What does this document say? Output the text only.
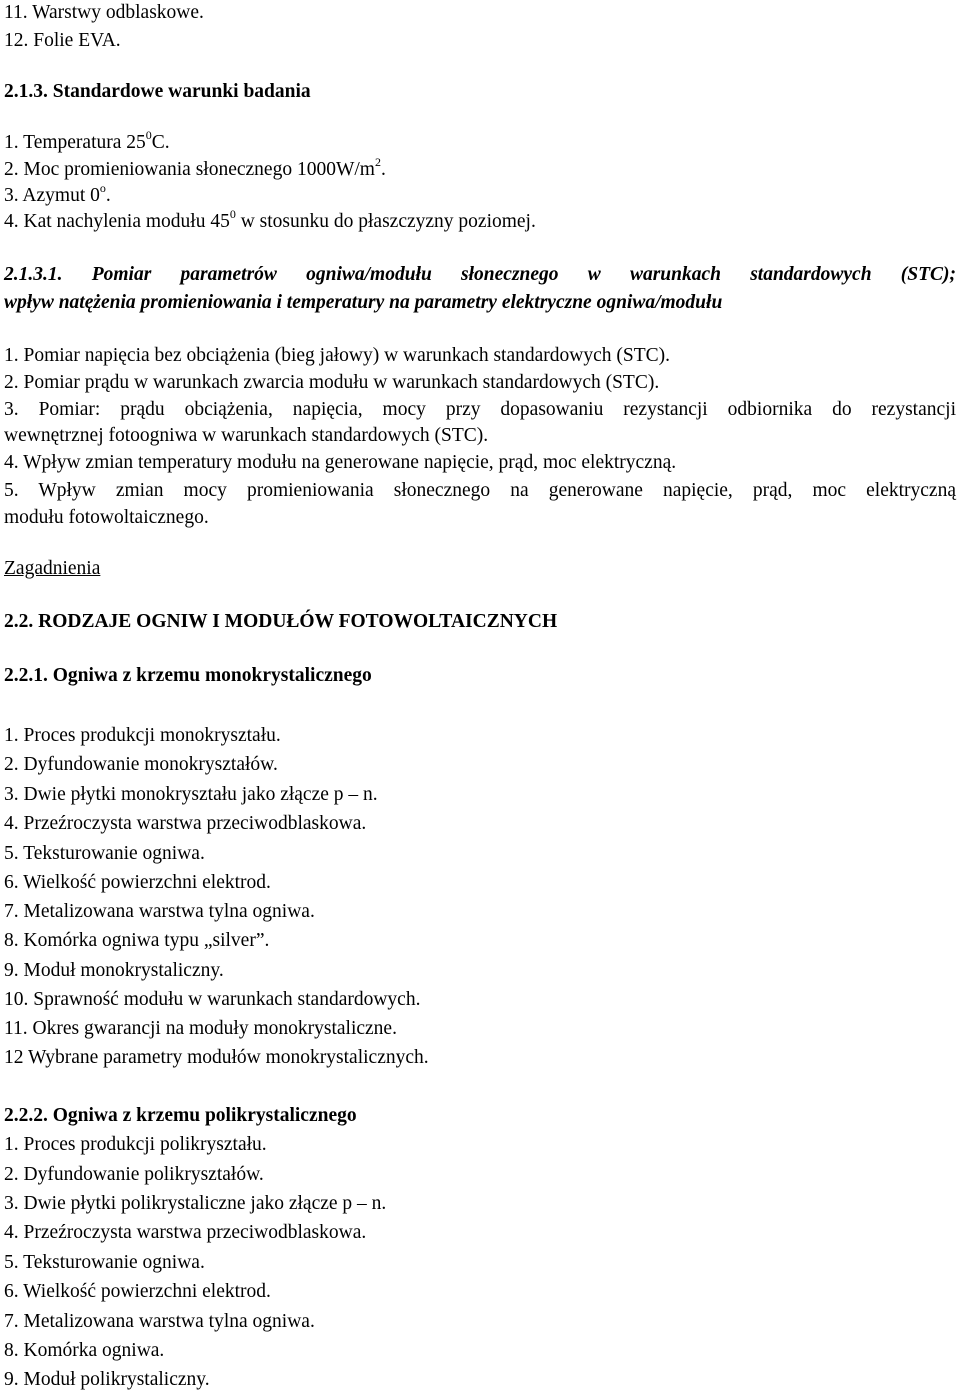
11. Warstwy odblaskowe.
12. Folie EVA.
2.1.3. Standardowe warunki badania
1. Temperatura $25^0C$.
2. Moc promieniowania słonecznego $1000W/m^2$.
3. Azymut 0$^o$.
4. Kat nachylenia modułu $45^0$ w stosunku do płaszczyzny poziomej.
2.1.3.1. Pomiar parametrów ogniwa/modułu słonecznego w warunkach standardowych (STC);
wpływ natężenia promieniowania i temperatury na parametry elektryczne ogniwa/modułu
1. Pomiar napięcia bez obciążenia (bieg jałowy) w warunkach standardowych (STC).
2. Pomiar prądu w warunkach zwarcia modułu w warunkach standardowych (STC).
3. Pomiar: prądu obciążenia, napięcia, mocy przy dopasowaniu rezystancji odbiornika do rezystancji
wewnętrznej fotoogniwa w warunkach standardowych (STC).
4. Wpływ zmian temperatury modułu na generowane napięcie, prąd, moc elektryczną.
5. Wpływ zmian mocy promieniowania słonecznego na generowane napięcie, prąd, moc elektryczną
modułu fotowoltaicznego.
Zagadnienia
2.2. RODZAJE OGNIW I MODUŁÓW FOTOWOLTAICZNYCH
2.2.1. Ogniwa z krzemu monokrystalicznego
1. Proces produkcji monokryształu.
2. Dyfundowanie monokryształów.
3. Dwie płytki monokryształu jako złącze p – n.
4. Przeźroczysta warstwa przeciwodblaskowa.
5. Teksturowanie ogniwa.
6. Wielkość powierzchni elektrod.
7. Metalizowana warstwa tylna ogniwa.
8. Komórka ogniwa typu „silver”.
9. Moduł monokrystaliczny.
10. Sprawność modułu w warunkach standardowych.
11. Okres gwarancji na moduły monokrystaliczne.
12 Wybrane parametry modułów monokrystalicznych.
2.2.2. Ogniwa z krzemu polikrystalicznego
1. Proces produkcji polikryształu.
2. Dyfundowanie polikryształów.
3. Dwie płytki polikrystaliczne jako złącze p – n.
4. Przeźroczysta warstwa przeciwodblaskowa.
5. Teksturowanie ogniwa.
6. Wielkość powierzchni elektrod.
7. Metalizowana warstwa tylna ogniwa.
8. Komórka ogniwa.
9. Moduł polikrystaliczny.
